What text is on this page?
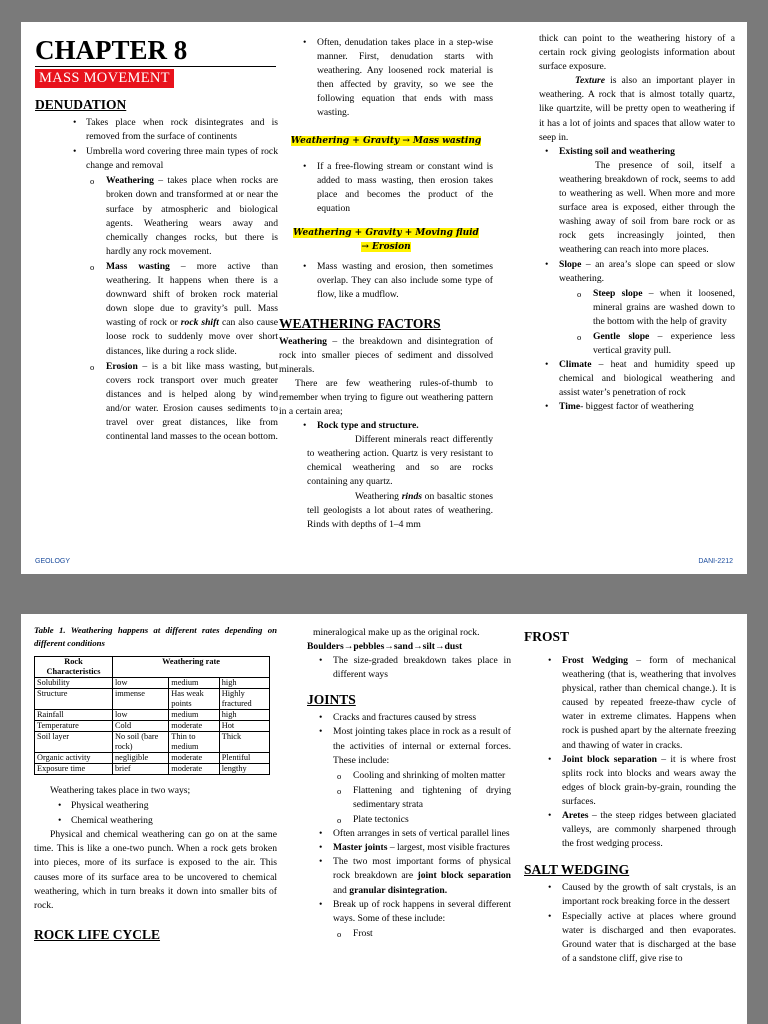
CHAPTER 8
MASS MOVEMENT
DENUDATION
• Takes place when rock disintegrates and is removed from the surface of continents
• Umbrella word covering three main types of rock change and removal
o Weathering – takes place when rocks are broken down and transformed at or near the surface by atmospheric and biological agents. Weathering wears away and chemically changes rocks, but there is hardly any rock movement.
o Mass wasting – more active than weathering. It happens when there is a downward shift of broken rock material down slope due to gravity’s pull. Mass wasting of rock or rock shift can also cause loose rock to suddenly move over short distances, like during a rock slide.
o Erosion – is a bit like mass wasting, but covers rock transport over much greater distances and is helped along by wind and/or water. Erosion causes sediments to travel over great distances, like from continental land masses to the ocean bottom.
• Often, denudation takes place in a step-wise manner. First, denudation starts with weathering. Any loosened rock material is then affected by gravity, so we see the following equation that ends with mass wasting.
Weathering + Gravity → Mass wasting
• If a free-flowing stream or constant wind is added to mass wasting, then erosion takes place and becomes the product of the equation
Weathering + Gravity + Moving fluid
→ Erosion
• Mass wasting and erosion, then sometimes overlap. They can also include some type of flow, like a mudflow.
WEATHERING FACTORS
Weathering – the breakdown and disintegration of rock into smaller pieces of sediment and dissolved minerals.
There are few weathering rules-of-thumb to remember when trying to figure out weathering pattern in a certain area;
• Rock type and structure.
Different minerals react differently to weathering action. Quartz is very resistant to chemical weathering and so are rocks containing any quartz.
Weathering rinds on basaltic stones tell geologists a lot about rates of weathering. Rinds with depths of 1–4 mm
thick can point to the weathering history of a certain rock giving geologists information about surface exposure.
Texture is also an important player in weathering. A rock that is almost totally quartz, like quartzite, will be pretty open to weathering if it has a lot of joints and spaces that allow water to seep in.
• Existing soil and weathering
The presence of soil, itself a weathering breakdown of rock, seems to add to weathering as well. When more and more surface area is exposed, either through the washing away of soil from bare rock or as rock gets increasingly jointed, then weathering can reach into more places.
• Slope – an area’s slope can speed or slow weathering.
o Steep slope – when it loosened, mineral grains are washed down to the bottom with the help of gravity
o Gentle slope – experience less vertical gravity pull.
• Climate – heat and humidity speed up chemical and biological weathering and assist water’s penetration of rock
• Time- biggest factor of weathering
GEOLOGY	DANI-2212
Table 1. Weathering happens at different rates depending on different conditions
Rock Characteristics	Weathering rate		
Solubility	low	medium	high
Structure	immense	Has weak points	Highly fractured
Rainfall	low	medium	high
Temperature	Cold	moderate	Hot
Soil layer	No soil (bare rock)	Thin to medium	Thick
Organic activity	negligible	moderate	Plentiful
Exposure time	brief	moderate	lengthy
Weathering takes place in two ways;
• Physical weathering
• Chemical weathering
Physical and chemical weathering can go on at the same time. This is like a one-two punch. When a rock gets broken into pieces, more of its surface is exposed to the air. This causes more of its surface area to be uncovered to chemical weathering, which in turn breaks it down into smaller bits of rock.
ROCK LIFE CYCLE
mineralogical make up as the original rock.
Boulders→pebbles→sand→silt→dust
• The size-graded breakdown takes place in different ways
JOINTS
• Cracks and fractures caused by stress
• Most jointing takes place in rock as a result of the activities of internal or external forces. These include:
o Cooling and shrinking of molten matter
o Flattening and tightening of drying sedimentary strata
o Plate tectonics
• Often arranges in sets of vertical parallel lines
• Master joints – largest, most visible fractures
• The two most important forms of physical rock breakdown are joint block separation and granular disintegration.
• Break up of rock happens in several different ways. Some of these include:
o Frost
FROST
• Frost Wedging – form of mechanical weathering (that is, weathering that involves physical, rather than chemical change.). It is caused by repeated freeze-thaw cycle of water in extreme climates. Happens when rock is pushed apart by the alternate freezing and thawing of water in cracks.
• Joint block separation – it is where frost splits rock into blocks and wears away the edges of block grain-by-grain, rounding the surfaces.
• Aretes – the steep ridges between glaciated valleys, are commonly sharpened through the frost wedging process.
SALT WEDGING
• Caused by the growth of salt crystals, is an important rock breaking force in the dessert
• Especially active at places where ground water is discharged and then evaporates. Ground water that is discharged at the base of a sandstone cliff, give rise to
